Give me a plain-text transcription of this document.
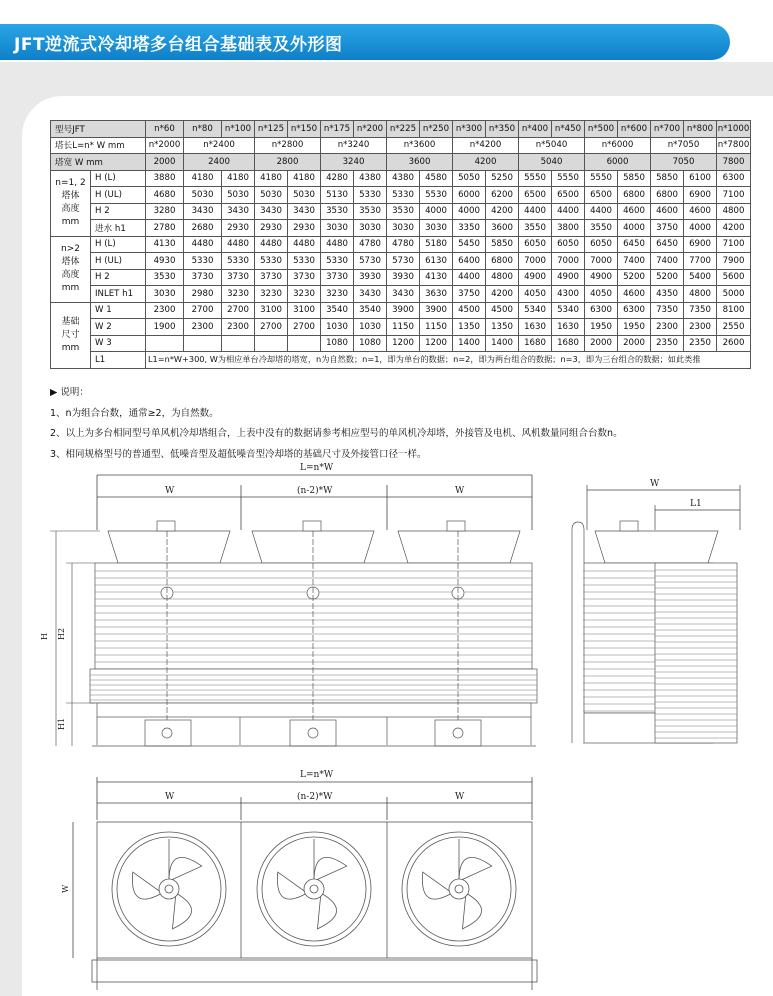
JFT逆流式冷却塔多台组合基础表及外形图
型号JFT		n*60	n*80	n*100	n*125	n*150	n*175	n*200	n*225	n*250	n*300	n*350	n*400	n*450	n*500	n*600	n*700	n*800	n*1000
塔长L=n* W mm		n*2000	n*2400		n*2800		n*3240		n*3600		n*4200		n*5040		n*6000		n*7050		n*7800
塔宽 W mm		2000	2400		2800		3240		3600		4200		5040		6000		7050		7800
n=1, 2
塔体
高度
mm	H (L)	3880	4180	4180	4180	4180	4280	4380	4380	4580	5050	5250	5550	5550	5550	5850	5850	6100	6300
	H (UL)	4680	5030	5030	5030	5030	5130	5330	5330	5530	6000	6200	6500	6500	6500	6800	6800	6900	7100
	H 2	3280	3430	3430	3430	3430	3530	3530	3530	4000	4000	4200	4400	4400	4400	4600	4600	4600	4800
	进水 h1	2780	2680	2930	2930	2930	3030	3030	3030	3030	3350	3600	3550	3800	3550	4000	3750	4000	4200
n>2
塔体
高度
mm	H (L)	4130	4480	4480	4480	4480	4480	4780	4780	5180	5450	5850	6050	6050	6050	6450	6450	6900	7100
	H (UL)	4930	5330	5330	5330	5330	5330	5730	5730	6130	6400	6800	7000	7000	7000	7400	7400	7700	7900
	H 2	3530	3730	3730	3730	3730	3730	3930	3930	4130	4400	4800	4900	4900	4900	5200	5200	5400	5600
	INLET h1	3030	2980	3230	3230	3230	3230	3430	3430	3630	3750	4200	4050	4300	4050	4600	4350	4800	5000
基础
尺寸
mm	W 1	2300	2700	2700	3100	3100	3540	3540	3900	3900	4500	4500	5340	5340	6300	6300	7350	7350	8100
	W 2	1900	2300	2300	2700	2700	1030	1030	1150	1150	1350	1350	1630	1630	1950	1950	2300	2300	2550
	W 3						1080	1080	1200	1200	1400	1400	1680	1680	2000	2000	2350	2350	2600
	L1	L1=n*W+300, W为相应单台冷却塔的塔宽，n为自然数；n=1，即为单台的数据；n=2，即为两台组合的数据；n=3，即为三台组合的数据；如此类推																	
▶ 说明：
1、n为组合台数，通常≥2，为自然数。
2、以上为多台相同型号单风机冷却塔组合，上表中没有的数据请参考相应型号的单风机冷却塔，外接管及电机、风机数量同组合台数n。
3、相同规格型号的普通型、低噪音型及超低噪音型冷却塔的基础尺寸及外接管口径一样。
L=n*W
W	(n-2)*W	W
H H2
H1
W
L1
L=n*W
W	(n-2)*W	W
W
